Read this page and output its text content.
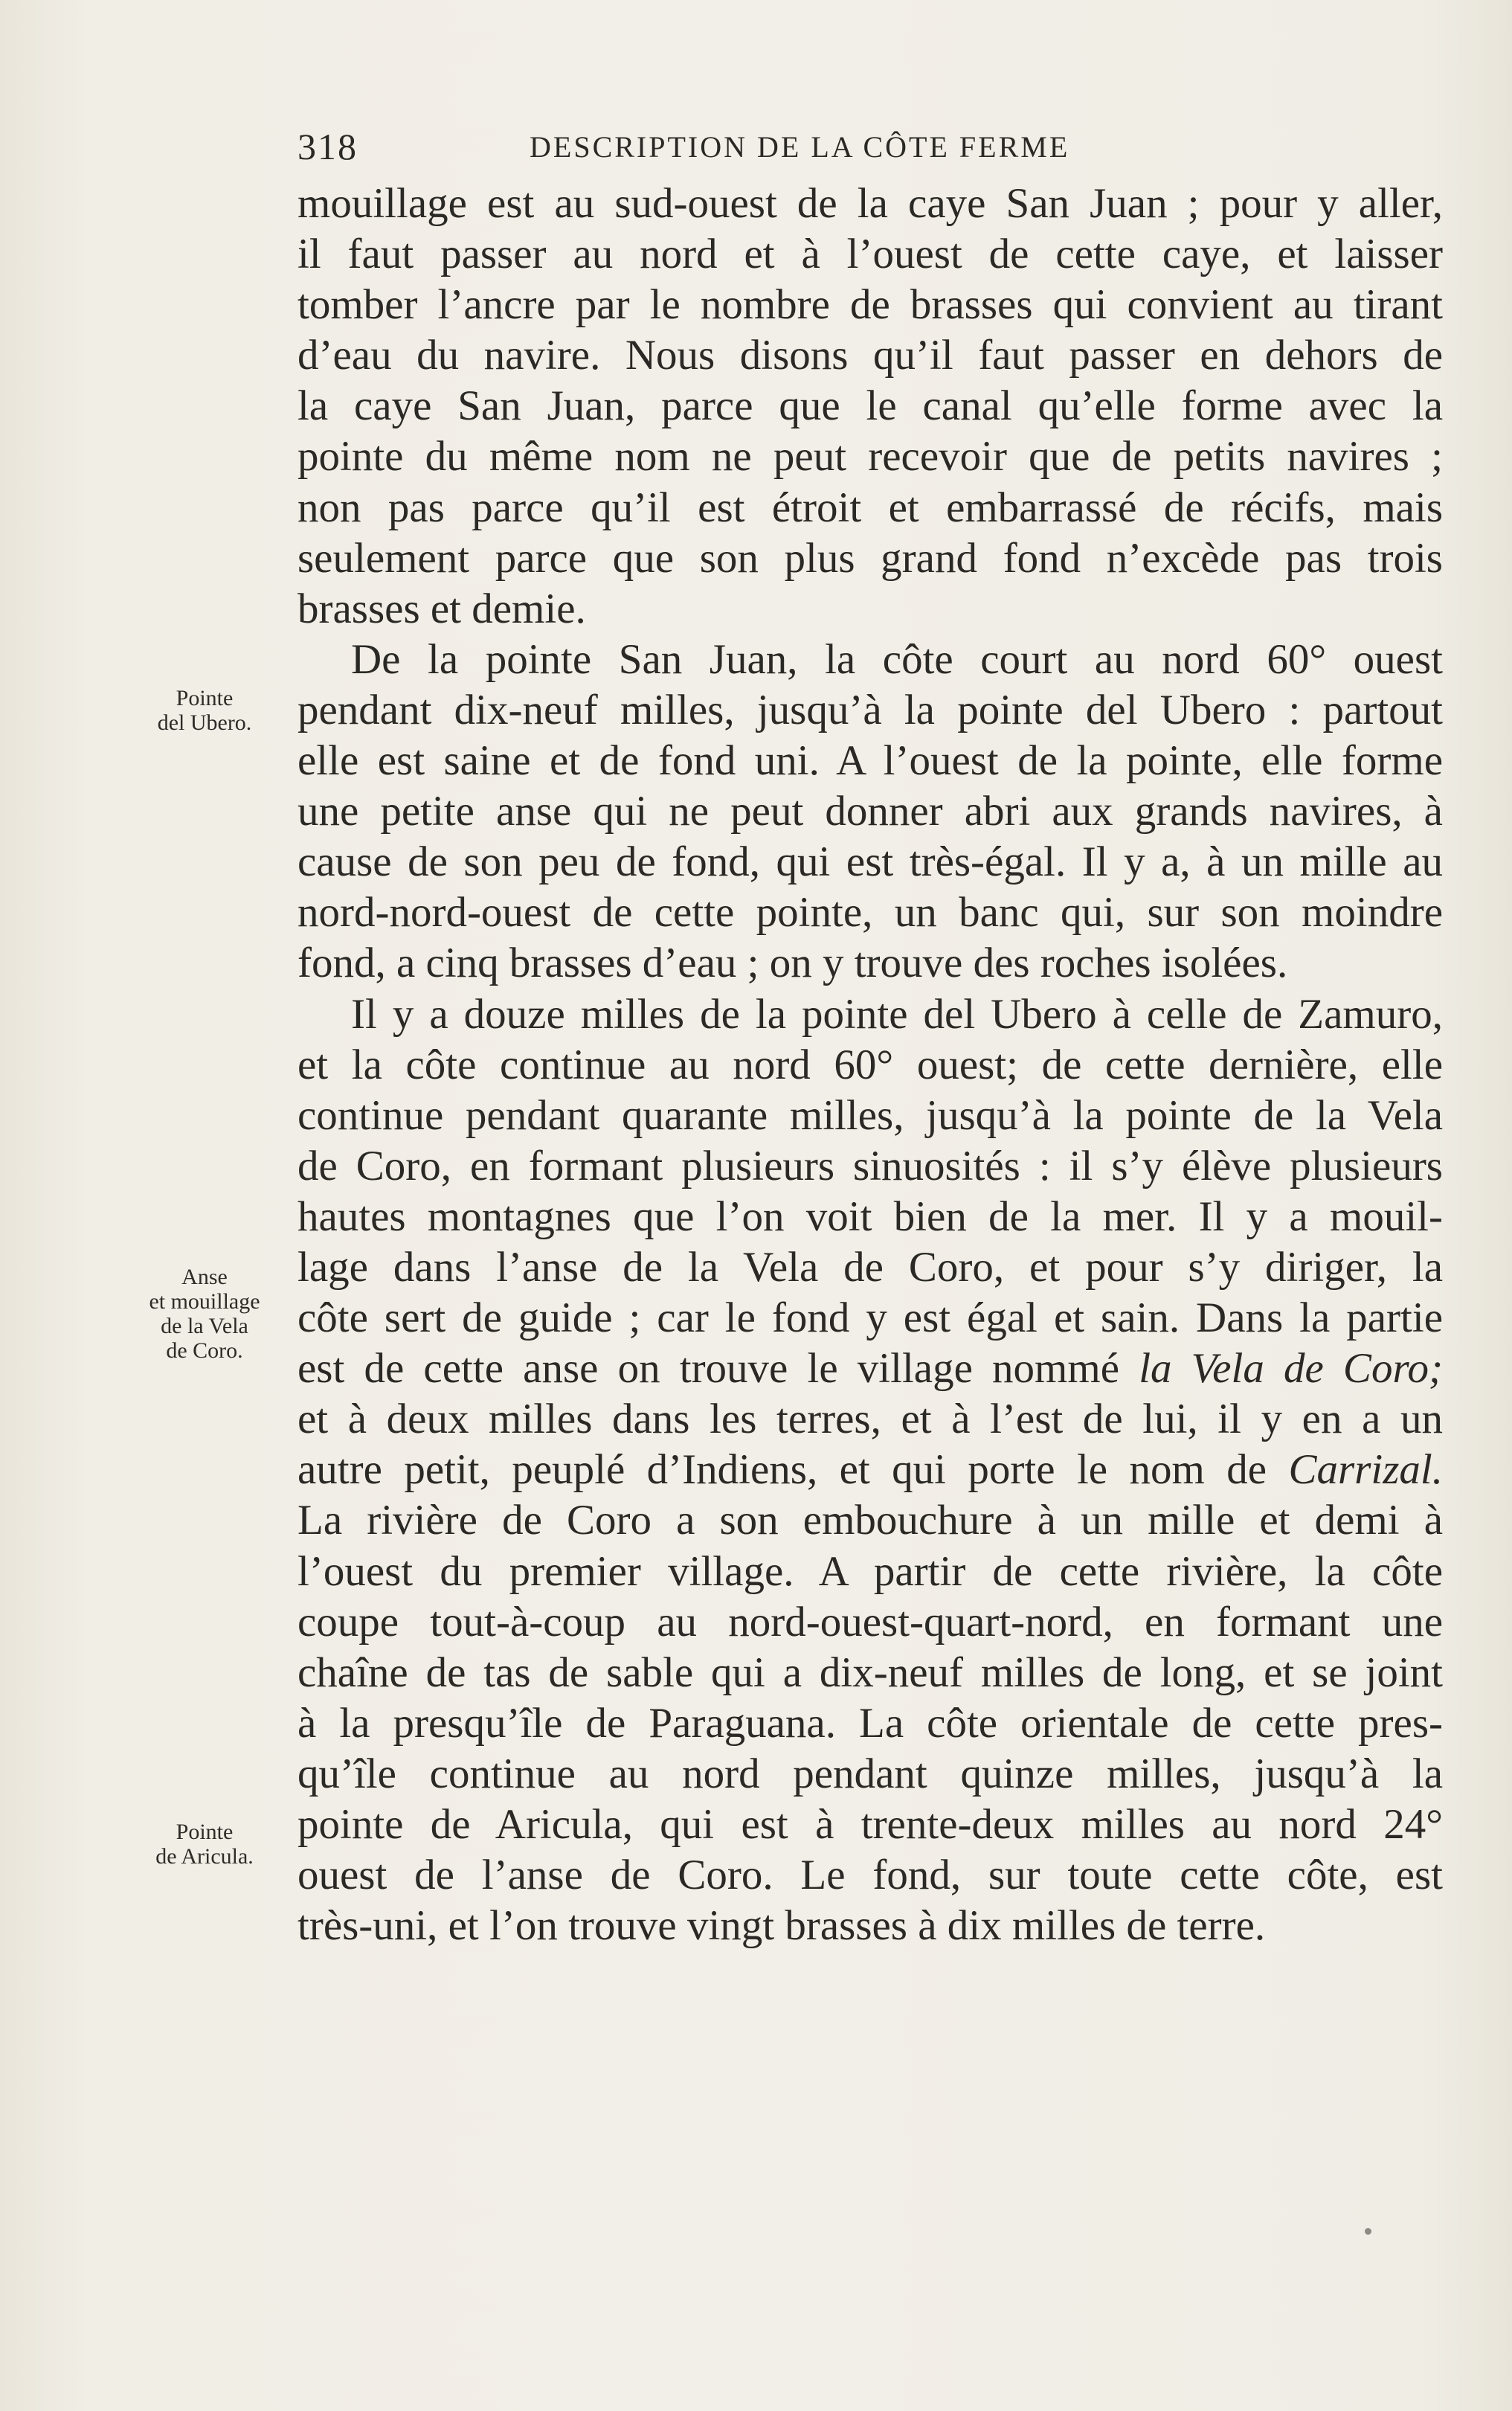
318	DESCRIPTION DE LA CÔTE FERME
Pointe
del Ubero.
Anse
et mouillage
de la Vela
de Coro.
Pointe
de Aricula.
mouillage est au sud-ouest de la caye San Juan ; pour y aller,
il faut passer au nord et à l’ouest de cette caye, et laisser
tomber l’ancre par le nombre de brasses qui convient au tirant
d’eau du navire. Nous disons qu’il faut passer en dehors de
la caye San Juan, parce que le canal qu’elle forme avec la
pointe du même nom ne peut recevoir que de petits navires ;
non pas parce qu’il est étroit et embarrassé de récifs, mais
seulement parce que son plus grand fond n’excède pas trois
brasses et demie.
De la pointe San Juan, la côte court au nord 60° ouest
pendant dix-neuf milles, jusqu’à la pointe del Ubero : partout
elle est saine et de fond uni. A l’ouest de la pointe, elle forme
une petite anse qui ne peut donner abri aux grands navires, à
cause de son peu de fond, qui est très-égal. Il y a, à un mille au
nord-nord-ouest de cette pointe, un banc qui, sur son moindre
fond, a cinq brasses d’eau ; on y trouve des roches isolées.
Il y a douze milles de la pointe del Ubero à celle de Zamuro,
et la côte continue au nord 60° ouest; de cette dernière, elle
continue pendant quarante milles, jusqu’à la pointe de la Vela
de Coro, en formant plusieurs sinuosités : il s’y élève plusieurs
hautes montagnes que l’on voit bien de la mer. Il y a mouil-
lage dans l’anse de la Vela de Coro, et pour s’y diriger, la
côte sert de guide ; car le fond y est égal et sain. Dans la partie
est de cette anse on trouve le village nommé la Vela de Coro;
et à deux milles dans les terres, et à l’est de lui, il y en a un
autre petit, peuplé d’Indiens, et qui porte le nom de Carrizal.
La rivière de Coro a son embouchure à un mille et demi à
l’ouest du premier village. A partir de cette rivière, la côte
coupe tout-à-coup au nord-ouest-quart-nord, en formant une
chaîne de tas de sable qui a dix-neuf milles de long, et se joint
à la presqu’île de Paraguana. La côte orientale de cette pres-
qu’île continue au nord pendant quinze milles, jusqu’à la
pointe de Aricula, qui est à trente-deux milles au nord 24°
ouest de l’anse de Coro. Le fond, sur toute cette côte, est
très-uni, et l’on trouve vingt brasses à dix milles de terre.
